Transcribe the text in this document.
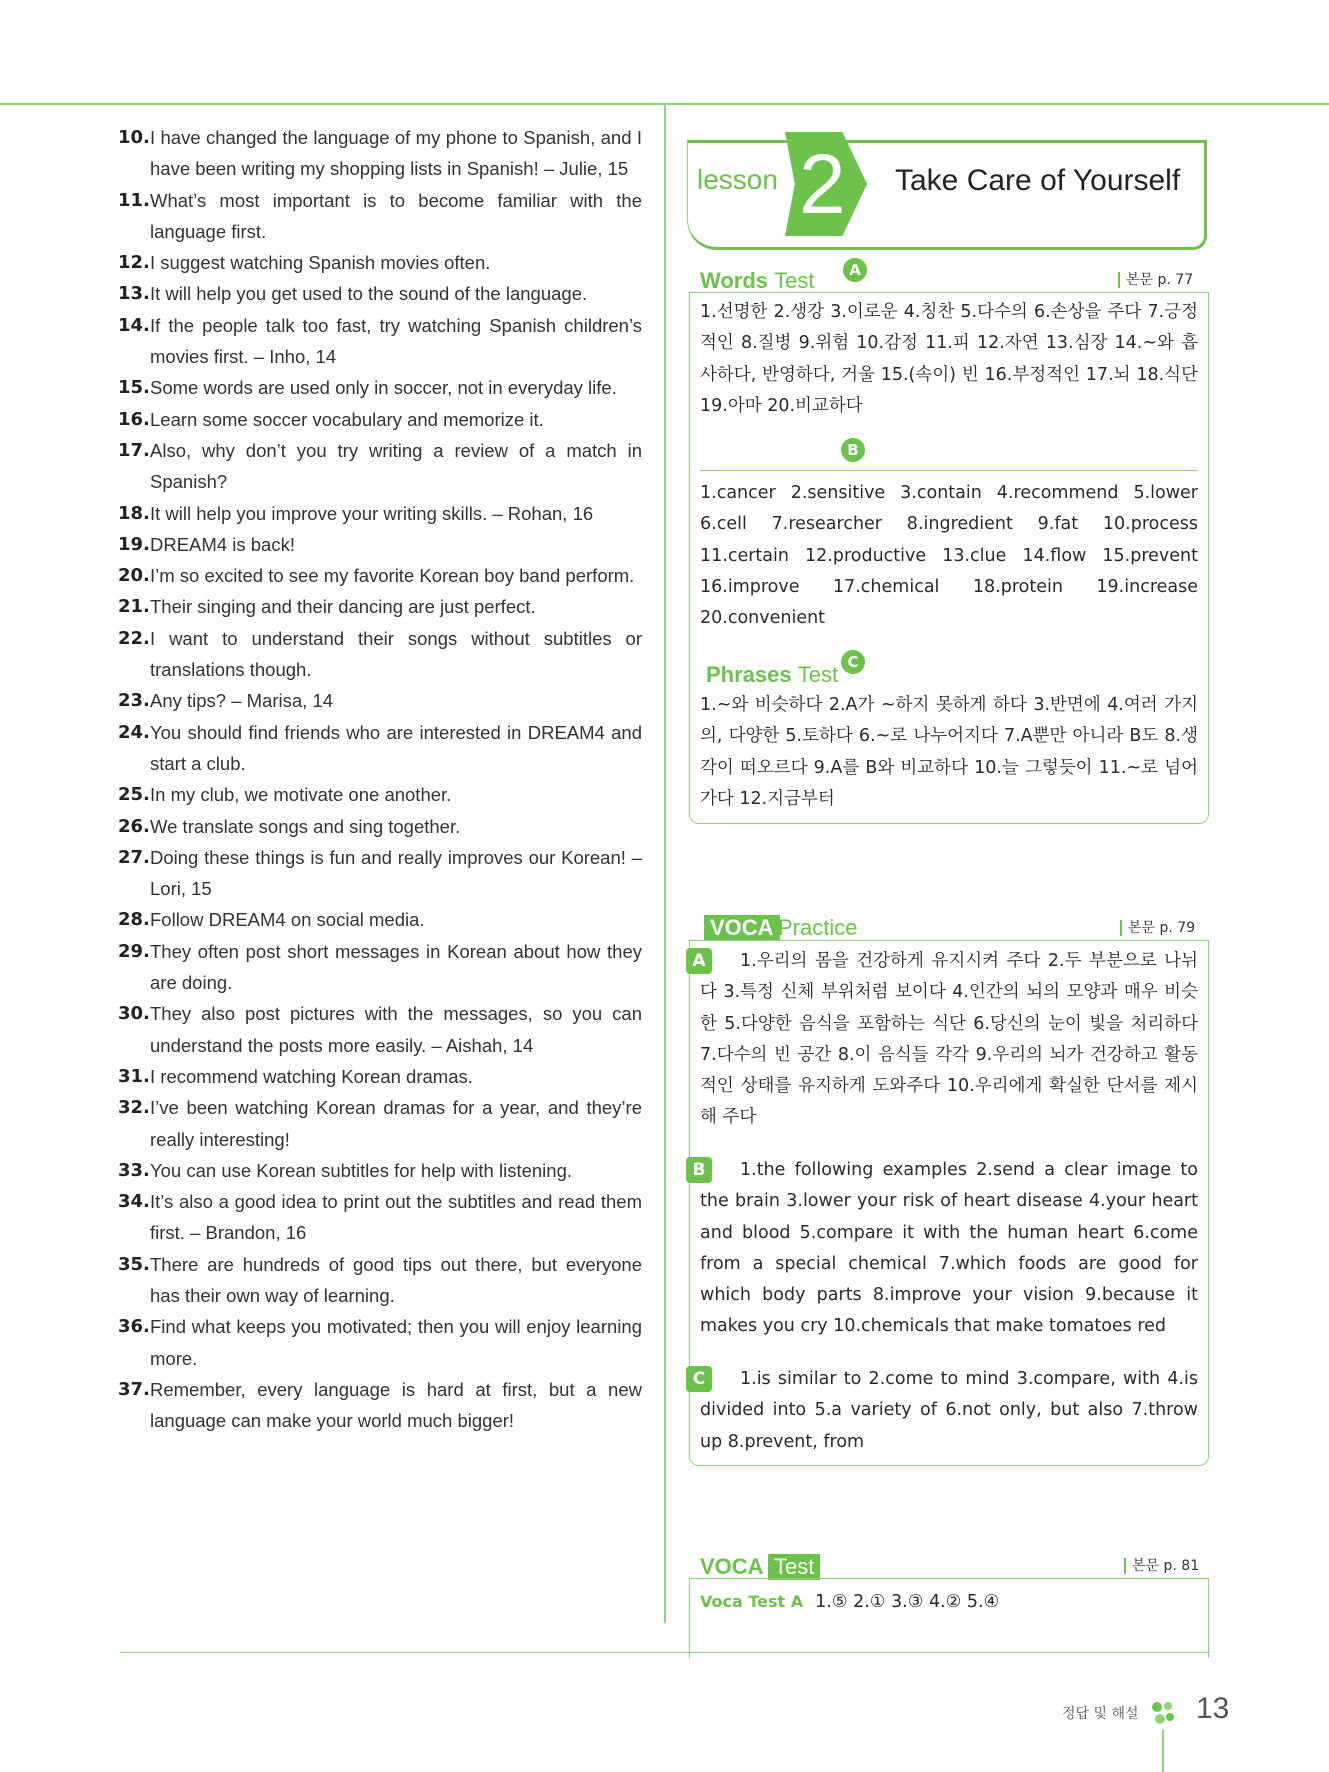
10. I have changed the language of my phone to Spanish, and I have been writing my shopping lists in Spanish! – Julie, 15
11. What’s most important is to become familiar with the language first.
12. I suggest watching Spanish movies often.
13. It will help you get used to the sound of the language.
14. If the people talk too fast, try watching Spanish children’s movies first. – Inho, 14
15. Some words are used only in soccer, not in everyday life.
16. Learn some soccer vocabulary and memorize it.
17. Also, why don’t you try writing a review of a match in Spanish?
18. It will help you improve your writing skills. – Rohan, 16
19. DREAM4 is back!
20. I’m so excited to see my favorite Korean boy band perform.
21. Their singing and their dancing are just perfect.
22. I want to understand their songs without subtitles or translations though.
23. Any tips? – Marisa, 14
24. You should find friends who are interested in DREAM4 and start a club.
25. In my club, we motivate one another.
26. We translate songs and sing together.
27. Doing these things is fun and really improves our Korean! – Lori, 15
28. Follow DREAM4 on social media.
29. They often post short messages in Korean about how they are doing.
30. They also post pictures with the messages, so you can understand the posts more easily. – Aishah, 14
31. I recommend watching Korean dramas.
32. I’ve been watching Korean dramas for a year, and they’re really interesting!
33. You can use Korean subtitles for help with listening.
34. It’s also a good idea to print out the subtitles and read them first. – Brandon, 16
35. There are hundreds of good tips out there, but everyone has their own way of learning.
36. Find what keeps you motivated; then you will enjoy learning more.
37. Remember, every language is hard at first, but a new language can make your world much bigger!
lesson 2 Take Care of Yourself
Words Test	A
본문 p. 77
1.선명한 2.생강 3.이로운 4.칭찬 5.다수의 6.손상을 주다 7.긍정적인 8.질병 9.위험 10.감정 11.피 12.자연 13.심장 14.~와 흡사하다, 반영하다, 거울 15.(속이) 빈 16.부정적인 17.뇌 18.식단 19.아마 20.비교하다
B
1.cancer 2.sensitive 3.contain 4.recommend 5.lower 6.cell 7.researcher 8.ingredient 9.fat 10.process 11.certain 12.productive 13.clue 14.flow 15.prevent 16.improve 17.chemical 18.protein 19.increase 20.convenient
Phrases Test C
1.~와 비슷하다 2.A가 ~하지 못하게 하다 3.반면에 4.여러 가지의, 다양한 5.토하다 6.~로 나누어지다 7.A뿐만 아니라 B도 8.생각이 떠오르다 9.A를 B와 비교하다 10.늘 그렇듯이 11.~로 넘어가다 12.지금부터
VOCA Practice	본문 p. 79
A 1.우리의 몸을 건강하게 유지시켜 주다 2.두 부분으로 나뉘다 3.특정 신체 부위처럼 보이다 4.인간의 뇌의 모양과 매우 비슷한 5.다양한 음식을 포함하는 식단 6.당신의 눈이 빛을 처리하다 7.다수의 빈 공간 8.이 음식들 각각 9.우리의 뇌가 건강하고 활동적인 상태를 유지하게 도와주다 10.우리에게 확실한 단서를 제시해 주다
B 1.the following examples 2.send a clear image to the brain 3.lower your risk of heart disease 4.your heart and blood 5.compare it with the human heart 6.come from a special chemical 7.which foods are good for which body parts 8.improve your vision 9.because it makes you cry 10.chemicals that make tomatoes red
C 1.is similar to 2.come to mind 3.compare, with 4.is divided into 5.a variety of 6.not only, but also 7.throw up 8.prevent, from
VOCA Test	본문 p. 81
Voca Test A 1.⑤ 2.① 3.③ 4.② 5.④
정답 및 해설 13
